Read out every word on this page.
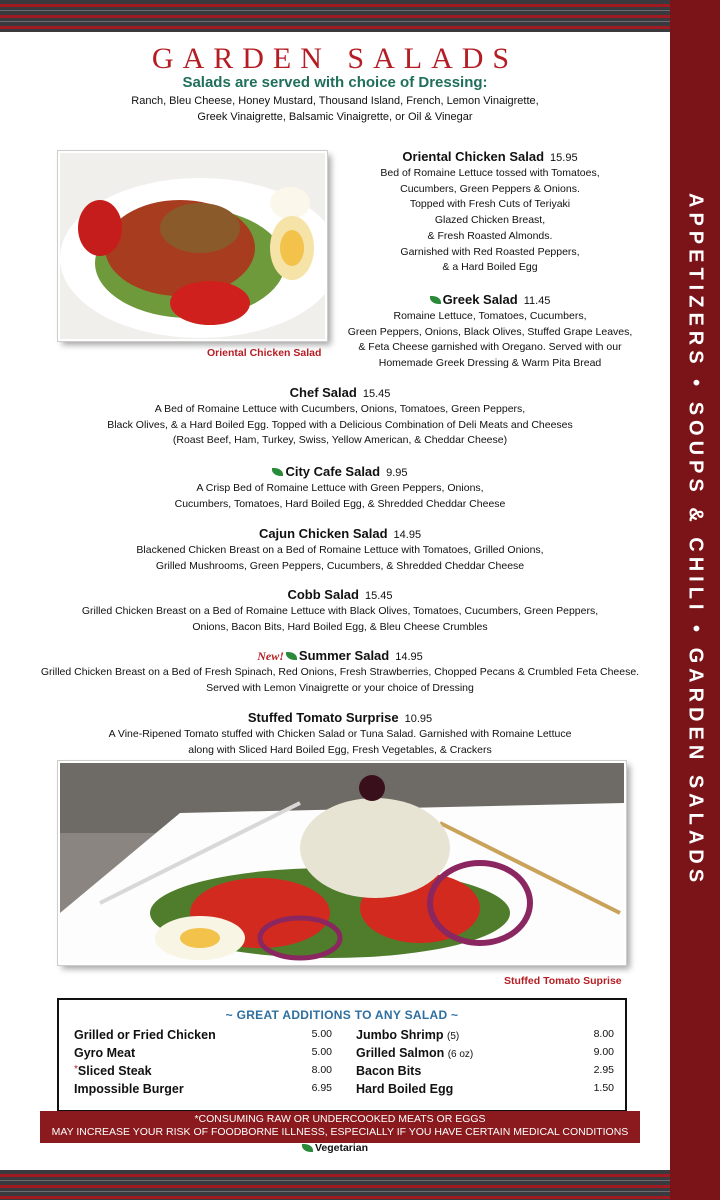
APPETIZERS • SOUPS & CHILI • GARDEN SALADS
GARDEN SALADS
Salads are served with choice of Dressing:
Ranch, Bleu Cheese, Honey Mustard, Thousand Island, French, Lemon Vinaigrette,
Greek Vinaigrette, Balsamic Vinaigrette, or Oil & Vinegar
Oriental Chicken Salad
Oriental Chicken Salad 15.95
Bed of Romaine Lettuce tossed with Tomatoes,
Cucumbers, Green Peppers & Onions.
Topped with Fresh Cuts of Teriyaki
Glazed Chicken Breast,
& Fresh Roasted Almonds.
Garnished with Red Roasted Peppers,
& a Hard Boiled Egg
Greek Salad 11.45
Romaine Lettuce, Tomatoes, Cucumbers,
Green Peppers, Onions, Black Olives, Stuffed Grape Leaves,
& Feta Cheese garnished with Oregano. Served with our
Homemade Greek Dressing & Warm Pita Bread
Chef Salad 15.45
A Bed of Romaine Lettuce with Cucumbers, Onions, Tomatoes, Green Peppers,
Black Olives, & a Hard Boiled Egg. Topped with a Delicious Combination of Deli Meats and Cheeses
(Roast Beef, Ham, Turkey, Swiss, Yellow American, & Cheddar Cheese)
City Cafe Salad 9.95
A Crisp Bed of Romaine Lettuce with Green Peppers, Onions,
Cucumbers, Tomatoes, Hard Boiled Egg, & Shredded Cheddar Cheese
Cajun Chicken Salad 14.95
Blackened Chicken Breast on a Bed of Romaine Lettuce with Tomatoes, Grilled Onions,
Grilled Mushrooms, Green Peppers, Cucumbers, & Shredded Cheddar Cheese
Cobb Salad 15.45
Grilled Chicken Breast on a Bed of Romaine Lettuce with Black Olives, Tomatoes, Cucumbers, Green Peppers,
Onions, Bacon Bits, Hard Boiled Egg, & Bleu Cheese Crumbles
New! Summer Salad 14.95
Grilled Chicken Breast on a Bed of Fresh Spinach, Red Onions, Fresh Strawberries, Chopped Pecans & Crumbled Feta Cheese.
Served with Lemon Vinaigrette or your choice of Dressing
Stuffed Tomato Surprise 10.95
A Vine-Ripened Tomato stuffed with Chicken Salad or Tuna Salad. Garnished with Romaine Lettuce
along with Sliced Hard Boiled Egg, Fresh Vegetables, & Crackers
Stuffed Tomato Suprise
~ GREAT ADDITIONS TO ANY SALAD ~
Grilled or Fried Chicken	5.00
Gyro Meat	5.00
*Sliced Steak	8.00
Impossible Burger	6.95
Jumbo Shrimp (5)	8.00
Grilled Salmon (6 oz)	9.00
Bacon Bits	2.95
Hard Boiled Egg	1.50
*CONSUMING RAW OR UNDERCOOKED MEATS OR EGGS
MAY INCREASE YOUR RISK OF FOODBORNE ILLNESS, ESPECIALLY IF YOU HAVE CERTAIN MEDICAL CONDITIONS
Vegetarian
